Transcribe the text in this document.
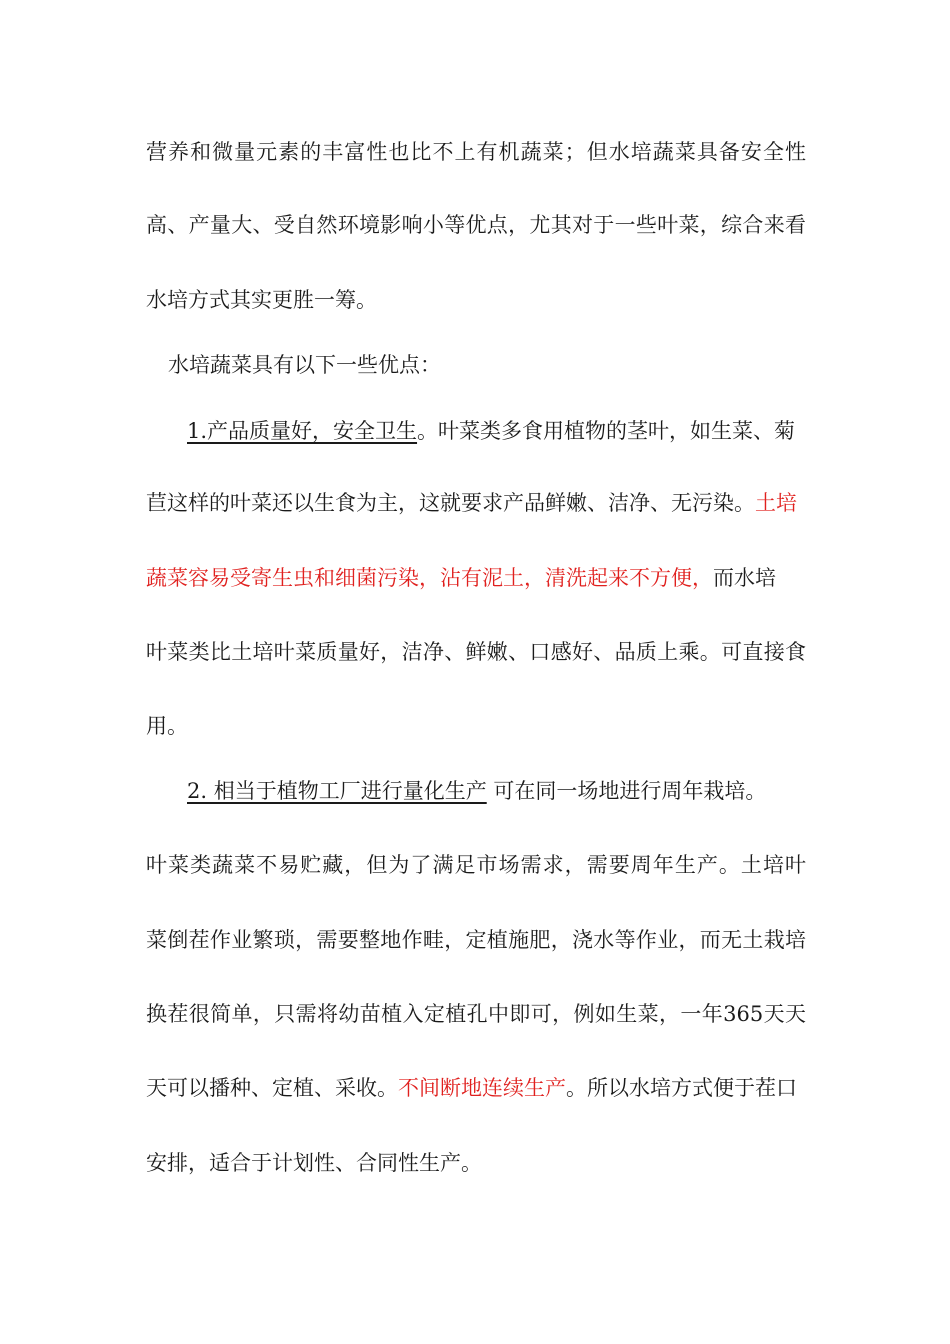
营养和微量元素的丰富性也比不上有机蔬菜；但水培蔬菜具备安全性
高、产量大、受自然环境影响小等优点，尤其对于一些叶菜，综合来看
水培方式其实更胜一筹。
水培蔬菜具有以下一些优点：
1.产品质量好，安全卫生。叶菜类多食用植物的茎叶，如生菜、菊
苣这样的叶菜还以生食为主，这就要求产品鲜嫩、洁净、无污染。土培
蔬菜容易受寄生虫和细菌污染，沾有泥土，清洗起来不方便，而水培
叶菜类比土培叶菜质量好，洁净、鲜嫩、口感好、品质上乘。可直接食
用。
2. 相当于植物工厂进行量化生产 可在同一场地进行周年栽培。
叶菜类蔬菜不易贮藏，但为了满足市场需求，需要周年生产。土培叶
菜倒茬作业繁琐，需要整地作畦，定植施肥，浇水等作业，而无土栽培
换茬很简单，只需将幼苗植入定植孔中即可，例如生菜，一年365天天
天可以播种、定植、采收。不间断地连续生产。所以水培方式便于茬口
安排，适合于计划性、合同性生产。
